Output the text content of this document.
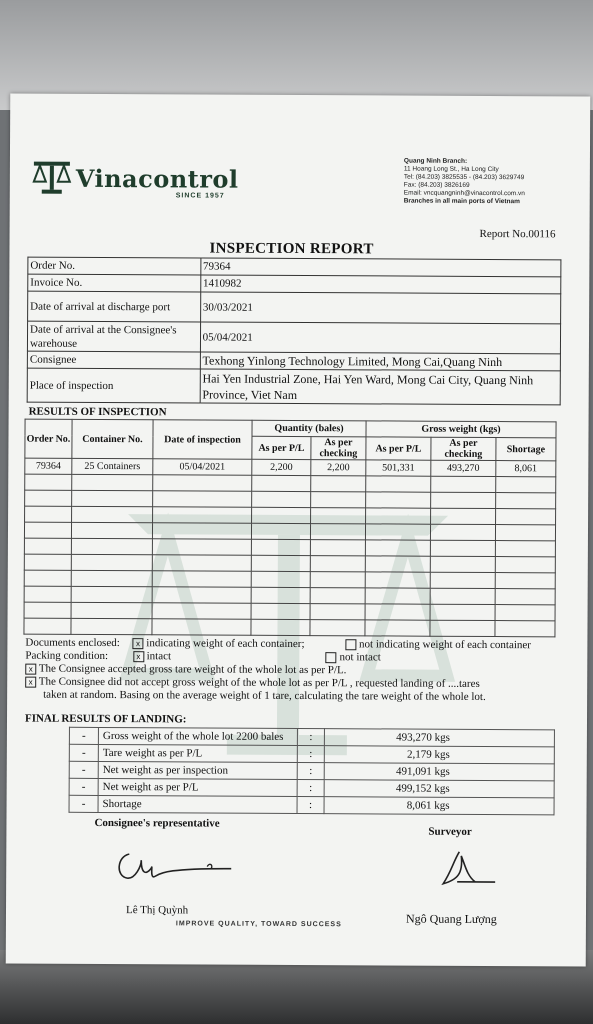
Vinacontrol
SINCE 1957
Quang Ninh Branch:
11 Hoang Long St., Ha Long City
Tel: (84.203) 3825535 - (84.203) 3629749
Fax: (84.203) 3826169
Email: vncquangninh@vinacontrol.com.vn
Branches in all main ports of Vietnam
Report No.00116
INSPECTION REPORT
Order No.	79364
Invoice No.	1410982
Date of arrival at discharge port	30/03/2021
Date of arrival at the Consignee's warehouse	05/04/2021
Consignee	Texhong Yinlong Technology Limited, Mong Cai,Quang Ninh
Place of inspection	Hai Yen Industrial Zone, Hai Yen Ward, Mong Cai City, Quang Ninh Province, Viet Nam
RESULTS OF INSPECTION
Order No.	Container No.	Date of inspection	Quantity (bales)		Gross weight (kgs)		
			As per P/L	As per checking	As per P/L	As per checking	Shortage
79364	25 Containers	05/04/2021	2,200	2,200	501,331	493,270	8,061

Documents enclosed: x indicating weight of each container;	not indicating weight of each container
Packing condition:	x intact	not intact
x The Consignee accepted gross tare weight of the whole lot as per P/L.
x The Consignee did not accept gross weight of the whole lot as per P/L , requested landing of ....tares
taken at random. Basing on the average weight of 1 tare, calculating the tare weight of the whole lot.
FINAL RESULTS OF LANDING:
-	Gross weight of the whole lot 2200 bales	:	493,270 kgs
-	Tare weight as per P/L	:	2,179 kgs
-	Net weight as per inspection	:	491,091 kgs
-	Net weight as per P/L	:	499,152 kgs
-	Shortage	:	8,061 kgs
Consignee's representative
Surveyor
Lê Thị Quỳnh
Ngô Quang Lượng
IMPROVE QUALITY, TOWARD SUCCESS
